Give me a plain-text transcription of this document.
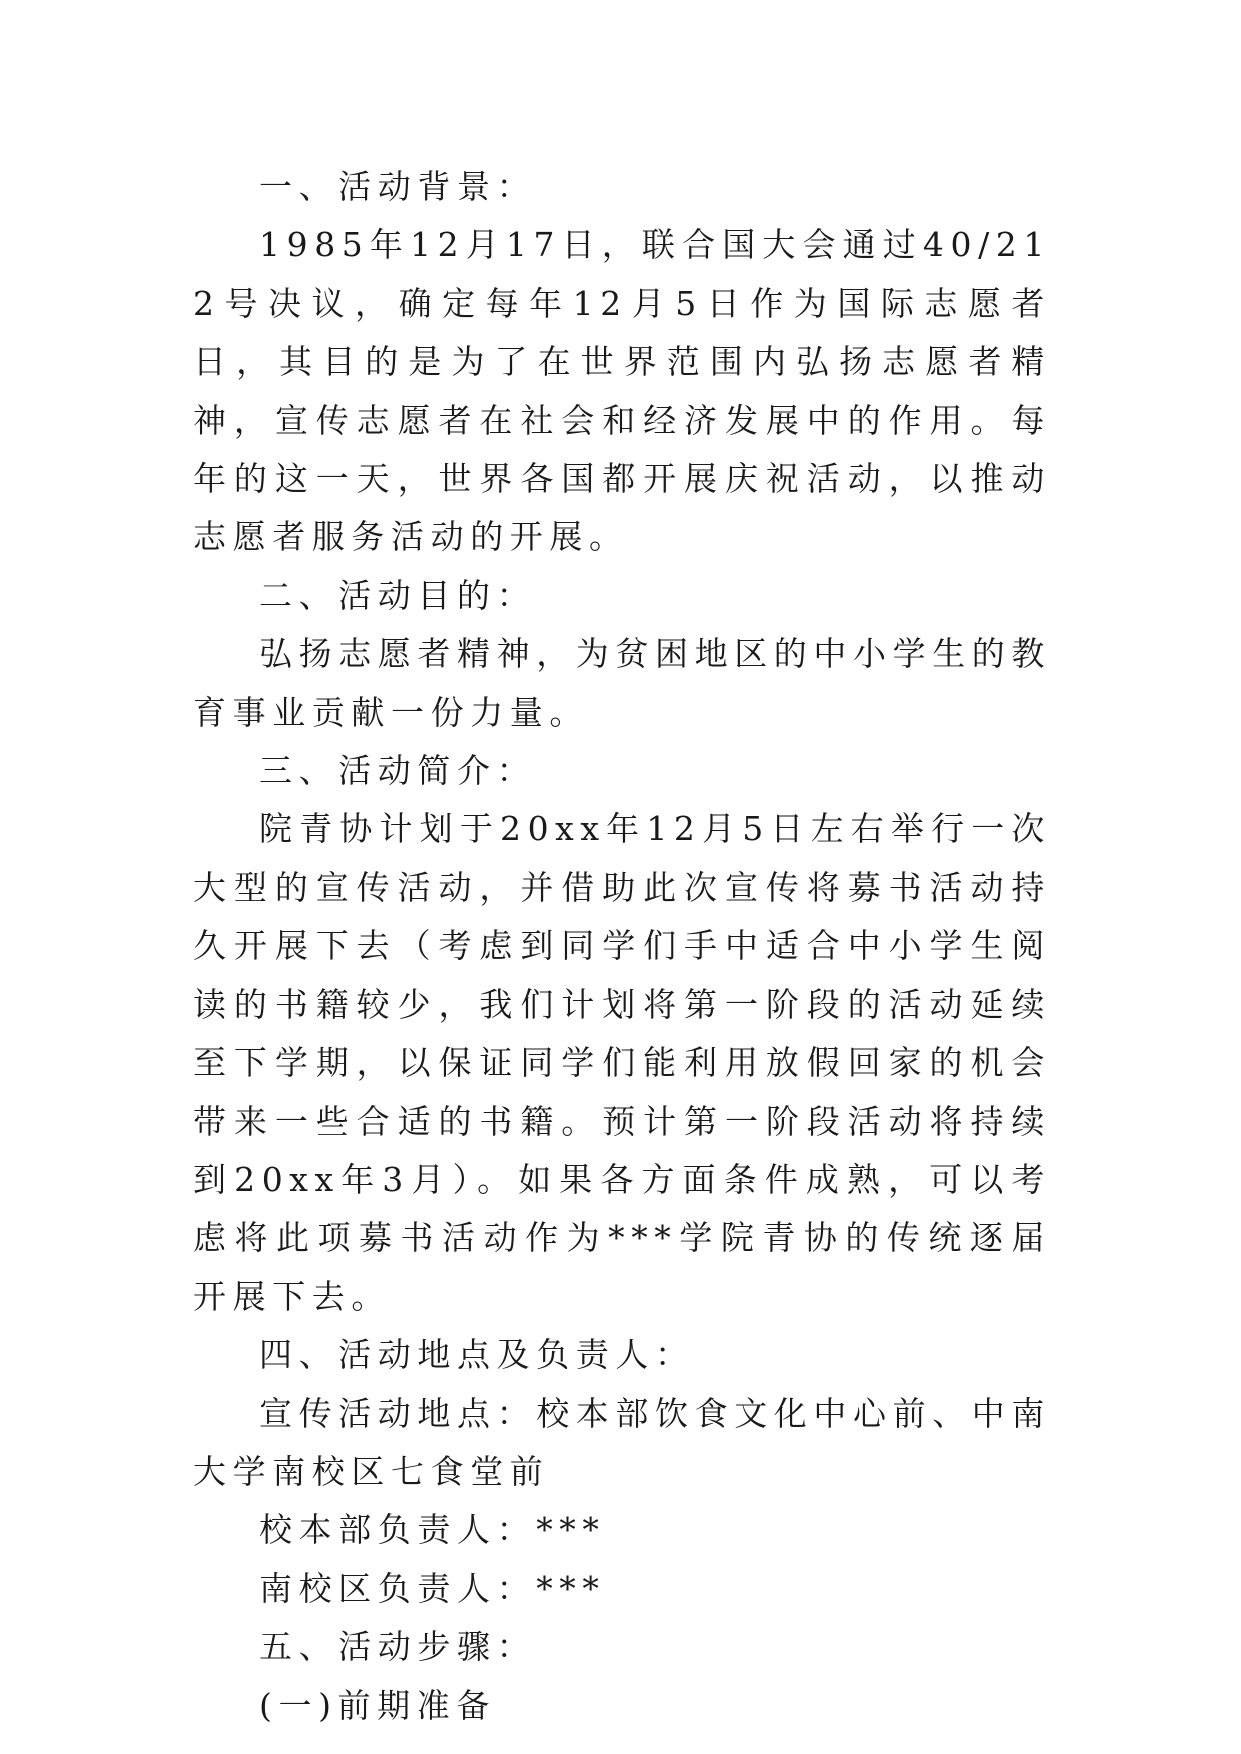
一、活动背景：

1985年12月17日，联合国大会通过40/212号决议，确定每年12月5日作为国际志愿者日，其目的是为了在世界范围内弘扬志愿者精神，宣传志愿者在社会和经济发展中的作用。每年的这一天，世界各国都开展庆祝活动，以推动志愿者服务活动的开展。

二、活动目的：

弘扬志愿者精神，为贫困地区的中小学生的教育事业贡献一份力量。

三、活动简介：

院青协计划于20xx年12月5日左右举行一次大型的宣传活动，并借助此次宣传将募书活动持久开展下去（考虑到同学们手中适合中小学生阅读的书籍较少，我们计划将第一阶段的活动延续至下学期，以保证同学们能利用放假回家的机会带来一些合适的书籍。预计第一阶段活动将持续到20xx年3月）。如果各方面条件成熟，可以考虑将此项募书活动作为***学院青协的传统逐届开展下去。

四、活动地点及负责人：

宣传活动地点：校本部饮食文化中心前、中南大学南校区七食堂前

校本部负责人：***

南校区负责人：***

五、活动步骤：

(一)前期准备
